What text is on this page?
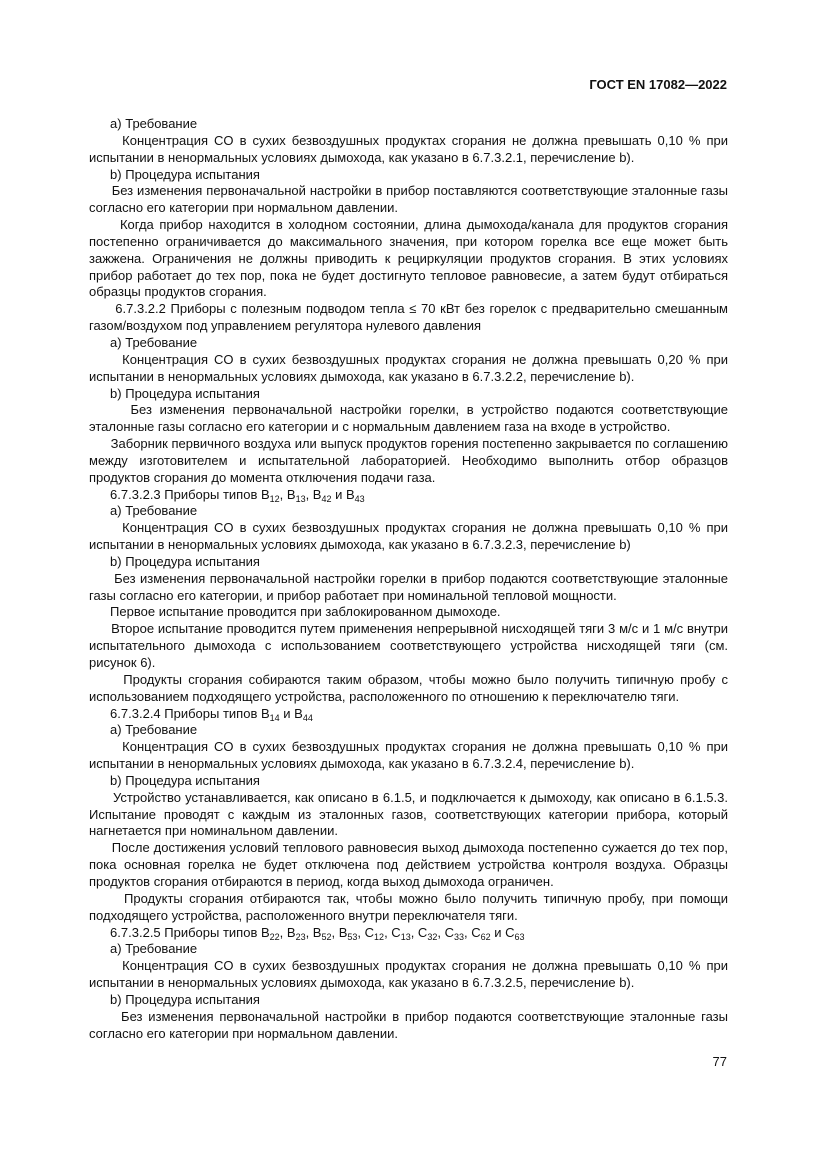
ГОСТ EN 17082—2022

а) Требование

Концентрация CO в сухих безвоздушных продуктах сгорания не должна превышать 0,10 % при испытании в ненормальных условиях дымохода, как указано в 6.7.3.2.1, перечисление b).

b) Процедура испытания

Без изменения первоначальной настройки в прибор поставляются соответствующие эталонные газы согласно его категории при нормальном давлении.

Когда прибор находится в холодном состоянии, длина дымохода/канала для продуктов сгорания постепенно ограничивается до максимального значения, при котором горелка все еще может быть зажжена. Ограничения не должны приводить к рециркуляции продуктов сгорания. В этих условиях прибор работает до тех пор, пока не будет достигнуто тепловое равновесие, а затем будут отбираться образцы продуктов сгорания.

6.7.3.2.2 Приборы с полезным подводом тепла ≤ 70 кВт без горелок с предварительно смешанным газом/воздухом под управлением регулятора нулевого давления

а) Требование

Концентрация CO в сухих безвоздушных продуктах сгорания не должна превышать 0,20 % при испытании в ненормальных условиях дымохода, как указано в 6.7.3.2.2, перечисление b).

b) Процедура испытания

Без изменения первоначальной настройки горелки, в устройство подаются соответствующие эталонные газы согласно его категории и с нормальным давлением газа на входе в устройство.

Заборник первичного воздуха или выпуск продуктов горения постепенно закрывается по соглашению между изготовителем и испытательной лабораторией. Необходимо выполнить отбор образцов продуктов сгорания до момента отключения подачи газа.

6.7.3.2.3 Приборы типов $B_{12}$, $B_{13}$, $B_{42}$ и $B_{43}$

а) Требование

Концентрация CO в сухих безвоздушных продуктах сгорания не должна превышать 0,10 % при испытании в ненормальных условиях дымохода, как указано в 6.7.3.2.3, перечисление b)

b) Процедура испытания

Без изменения первоначальной настройки горелки в прибор подаются соответствующие эталонные газы согласно его категории, и прибор работает при номинальной тепловой мощности.

Первое испытание проводится при заблокированном дымоходе.

Второе испытание проводится путем применения непрерывной нисходящей тяги 3 м/с и 1 м/с внутри испытательного дымохода с использованием соответствующего устройства нисходящей тяги (см. рисунок 6).

Продукты сгорания собираются таким образом, чтобы можно было получить типичную пробу с использованием подходящего устройства, расположенного по отношению к переключателю тяги.

6.7.3.2.4 Приборы типов $B_{14}$ и $B_{44}$

а) Требование

Концентрация CO в сухих безвоздушных продуктах сгорания не должна превышать 0,10 % при испытании в ненормальных условиях дымохода, как указано в 6.7.3.2.4, перечисление b).

b) Процедура испытания

Устройство устанавливается, как описано в 6.1.5, и подключается к дымоходу, как описано в 6.1.5.3. Испытание проводят с каждым из эталонных газов, соответствующих категории прибора, который нагнетается при номинальном давлении.

После достижения условий теплового равновесия выход дымохода постепенно сужается до тех пор, пока основная горелка не будет отключена под действием устройства контроля воздуха. Образцы продуктов сгорания отбираются в период, когда выход дымохода ограничен.

Продукты сгорания отбираются так, чтобы можно было получить типичную пробу, при помощи подходящего устройства, расположенного внутри переключателя тяги.

6.7.3.2.5 Приборы типов $B_{22}$, $B_{23}$, $B_{52}$, $B_{53}$, $C_{12}$, $C_{13}$, $C_{32}$, $C_{33}$, $C_{62}$ и $C_{63}$

а) Требование

Концентрация CO в сухих безвоздушных продуктах сгорания не должна превышать 0,10 % при испытании в ненормальных условиях дымохода, как указано в 6.7.3.2.5, перечисление b).

b) Процедура испытания

Без изменения первоначальной настройки в прибор подаются соответствующие эталонные газы согласно его категории при нормальном давлении.

77
